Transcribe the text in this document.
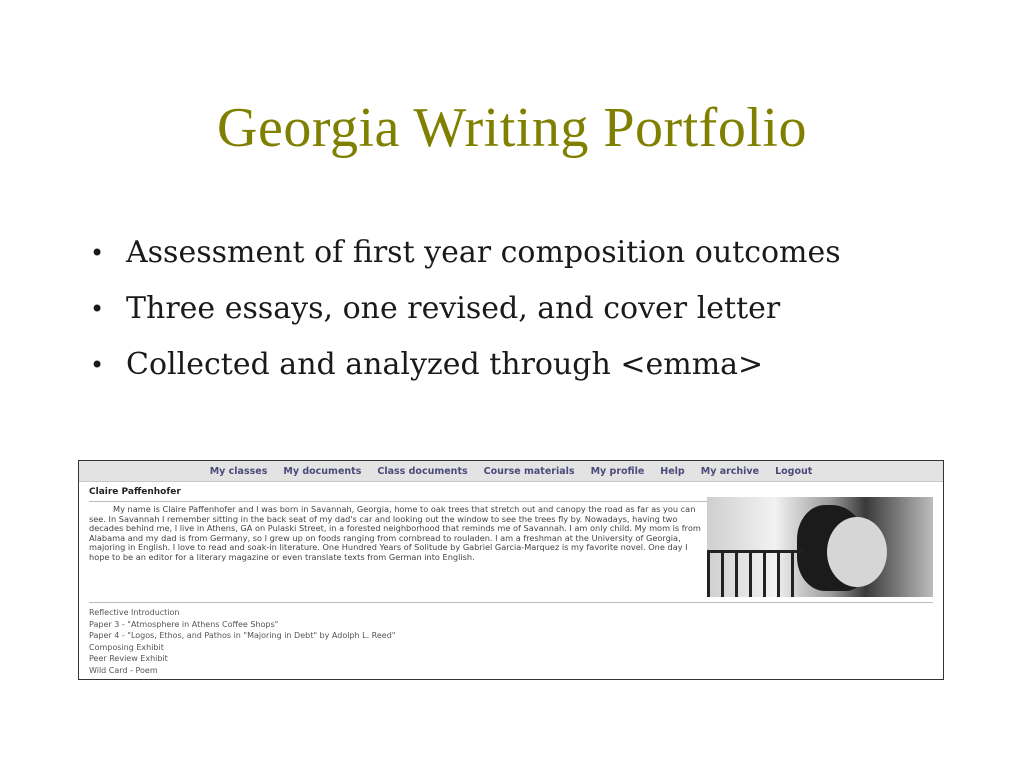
Georgia Writing Portfolio
• Assessment of first year composition outcomes
• Three essays, one revised, and cover letter
• Collected and analyzed through <emma>
My classes My documents Class documents Course materials My profile Help My archive Logout
Claire Paffenhofer
My name is Claire Paffenhofer and I was born in Savannah, Georgia, home to oak trees that stretch out and canopy the road as far as you can see. In Savannah I remember sitting in the back seat of my dad's car and looking out the window to see the trees fly by. Nowadays, having two decades behind me, I live in Athens, GA on Pulaski Street, in a forested neighborhood that reminds me of Savannah. I am only child. My mom is from Alabama and my dad is from Germany, so I grew up on foods ranging from cornbread to rouladen. I am a freshman at the University of Georgia, majoring in English. I love to read and soak-in literature. One Hundred Years of Solitude by Gabriel Garcia-Marquez is my favorite novel. One day I hope to be an editor for a literary magazine or even translate texts from German into English.
Reflective Introduction
Paper 3 - "Atmosphere in Athens Coffee Shops"
Paper 4 - "Logos, Ethos, and Pathos in "Majoring in Debt" by Adolph L. Reed"
Composing Exhibit
Peer Review Exhibit
Wild Card - Poem
